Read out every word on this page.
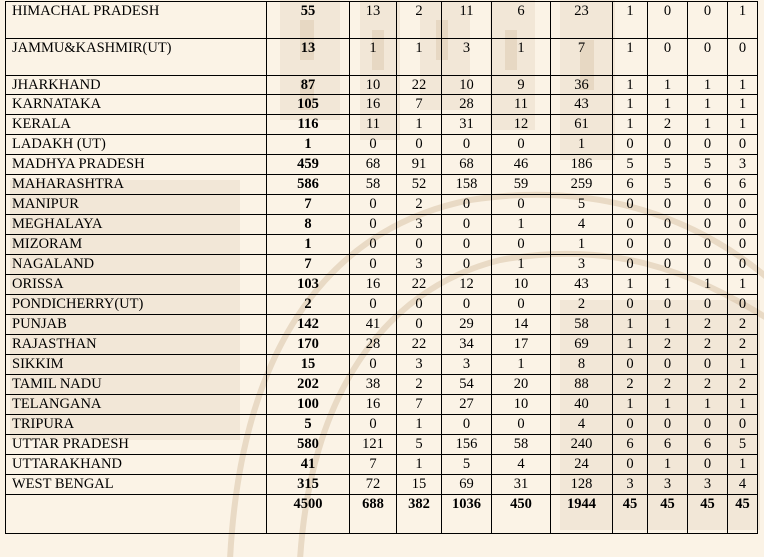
HIMACHAL PRADESH	55	13	2	11	6	23	1	0	0	1
JAMMU&KASHMIR(UT)	13	1	1	3	1	7	1	0	0	0
JHARKHAND	87	10	22	10	9	36	1	1	1	1
KARNATAKA	105	16	7	28	11	43	1	1	1	1
KERALA	116	11	1	31	12	61	1	2	1	1
LADAKH (UT)	1	0	0	0	0	1	0	0	0	0
MADHYA PRADESH	459	68	91	68	46	186	5	5	5	3
MAHARASHTRA	586	58	52	158	59	259	6	5	6	6
MANIPUR	7	0	2	0	0	5	0	0	0	0
MEGHALAYA	8	0	3	0	1	4	0	0	0	0
MIZORAM	1	0	0	0	0	1	0	0	0	0
NAGALAND	7	0	3	0	1	3	0	0	0	0
ORISSA	103	16	22	12	10	43	1	1	1	1
PONDICHERRY(UT)	2	0	0	0	0	2	0	0	0	0
PUNJAB	142	41	0	29	14	58	1	1	2	2
RAJASTHAN	170	28	22	34	17	69	1	2	2	2
SIKKIM	15	0	3	3	1	8	0	0	0	1
TAMIL NADU	202	38	2	54	20	88	2	2	2	2
TELANGANA	100	16	7	27	10	40	1	1	1	1
TRIPURA	5	0	1	0	0	4	0	0	0	0
UTTAR PRADESH	580	121	5	156	58	240	6	6	6	5
UTTARAKHAND	41	7	1	5	4	24	0	1	0	1
WEST BENGAL	315	72	15	69	31	128	3	3	3	4
	4500	688	382	1036	450	1944	45	45	45	45
